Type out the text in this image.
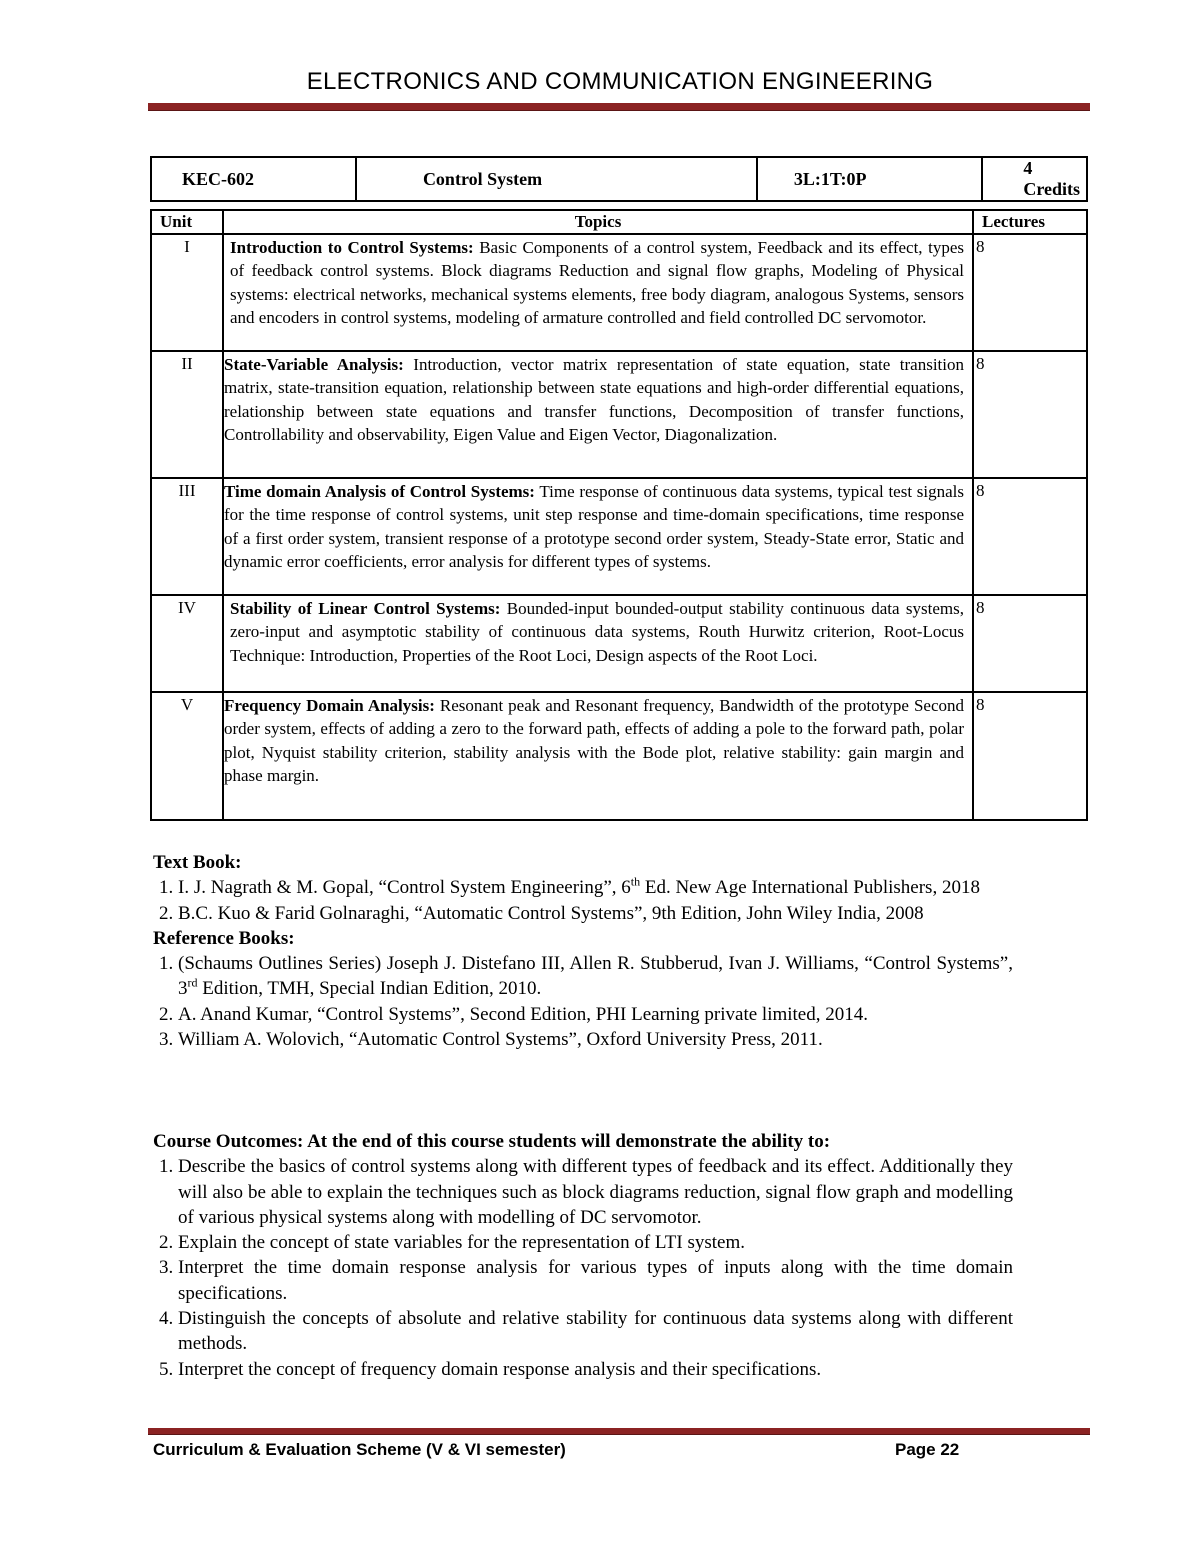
ELECTRONICS AND COMMUNICATION ENGINEERING
KEC-602	Control System	3L:1T:0P	4 Credits
Unit	Topics	Lectures
I	Introduction to Control Systems: Basic Components of a control system, Feedback and its effect, types of feedback control systems. Block diagrams Reduction and signal flow graphs, Modeling of Physical systems: electrical networks, mechanical systems elements, free body diagram, analogous Systems, sensors and encoders in control systems, modeling of armature controlled and field controlled DC servomotor.	8
II	State-Variable Analysis: Introduction, vector matrix representation of state equation, state transition matrix, state-transition equation, relationship between state equations and high-order differential equations, relationship between state equations and transfer functions, Decomposition of transfer functions, Controllability and observability, Eigen Value and Eigen Vector, Diagonalization.	8
III	Time domain Analysis of Control Systems: Time response of continuous data systems, typical test signals for the time response of control systems, unit step response and time-domain specifications, time response of a first order system, transient response of a prototype second order system, Steady-State error, Static and dynamic error coefficients, error analysis for different types of systems.	8
IV	Stability of Linear Control Systems: Bounded-input bounded-output stability continuous data systems, zero-input and asymptotic stability of continuous data systems, Routh Hurwitz criterion, Root-Locus Technique: Introduction, Properties of the Root Loci, Design aspects of the Root Loci.	8
V	Frequency Domain Analysis: Resonant peak and Resonant frequency, Bandwidth of the prototype Second order system, effects of adding a zero to the forward path, effects of adding a pole to the forward path, polar plot, Nyquist stability criterion, stability analysis with the Bode plot, relative stability: gain margin and phase margin.	8
Text Book:
1. I. J. Nagrath & M. Gopal, “Control System Engineering”, 6th Ed. New Age International Publishers, 2018
2. B.C. Kuo & Farid Golnaraghi, “Automatic Control Systems”, 9th Edition, John Wiley India, 2008
Reference Books:
1. (Schaums Outlines Series) Joseph J. Distefano III, Allen R. Stubberud, Ivan J. Williams, “Control Systems”, 3rd Edition, TMH, Special Indian Edition, 2010.
2. A. Anand Kumar, “Control Systems”, Second Edition, PHI Learning private limited, 2014.
3. William A. Wolovich, “Automatic Control Systems”, Oxford University Press, 2011.
Course Outcomes: At the end of this course students will demonstrate the ability to:
1. Describe the basics of control systems along with different types of feedback and its effect. Additionally they will also be able to explain the techniques such as block diagrams reduction, signal flow graph and modelling of various physical systems along with modelling of DC servomotor.
2. Explain the concept of state variables for the representation of LTI system.
3. Interpret the time domain response analysis for various types of inputs along with the time domain specifications.
4. Distinguish the concepts of absolute and relative stability for continuous data systems along with different methods.
5. Interpret the concept of frequency domain response analysis and their specifications.
Curriculum & Evaluation Scheme (V & VI semester)	Page 22
